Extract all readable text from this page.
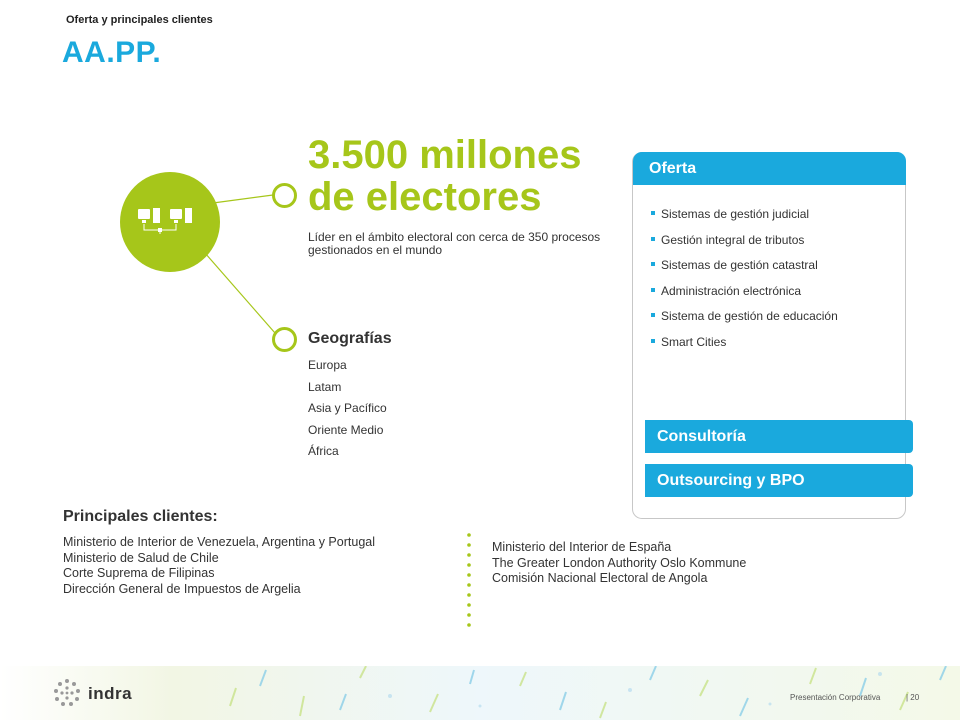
Oferta y principales clientes
AA.PP.
3.500 millones
de electores
Líder en el ámbito electoral con cerca de 350 procesos gestionados en el mundo
Geografías
Europa
Latam
Asia y Pacífico
Oriente Medio
África
Oferta
Sistemas de gestión judicial
Gestión integral de tributos
Sistemas de gestión catastral
Administración electrónica
Sistema de gestión de educación
Smart Cities
Consultoría
Outsourcing y BPO
Principales clientes:
Ministerio de Interior de Venezuela, Argentina y Portugal
Ministerio de Salud de Chile
Corte Suprema de Filipinas
Dirección General de Impuestos de Argelia
Ministerio del Interior de España
The Greater London Authority Oslo Kommune
Comisión Nacional Electoral de Angola
indra	Presentación Corporativa	| 20
